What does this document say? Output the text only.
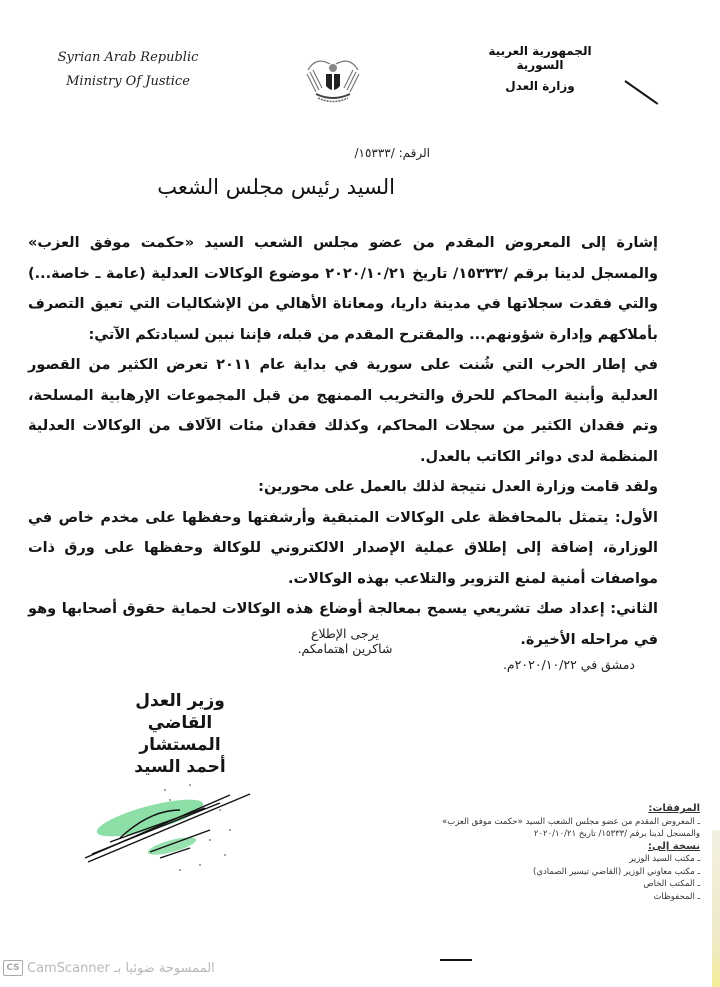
Syrian Arab Republic
Ministry Of Justice
الجمهورية العربية السورية
وزارة العدل
الرقم: /١٥٣٣٣/
السيد رئيس مجلس الشعب

إشارة إلى المعروض المقدم من عضو مجلس الشعب السيد «حكمت موفق العزب» والمسجل لدينا برقم /١٥٣٣٣/ تاريخ ٢٠٢٠/١٠/٢١ موضوع الوكالات العدلية (عامة ـ خاصة...) والتي فقدت سجلاتها في مدينة داريا، ومعاناة الأهالي من الإشكاليات التي تعيق التصرف بأملاكهم وإدارة شؤونهم... والمقترح المقدم من قبله، فإننا نبين لسيادتكم الآتي:

في إطار الحرب التي شُنت على سورية في بداية عام ٢٠١١ تعرض الكثير من القصور العدلية وأبنية المحاكم للحرق والتخريب الممنهج من قبل المجموعات الإرهابية المسلحة، وتم فقدان الكثير من سجلات المحاكم، وكذلك فقدان مئات الآلاف من الوكالات العدلية المنظمة لدى دوائر الكاتب بالعدل.

ولقد قامت وزارة العدل نتيجة لذلك بالعمل على محورين:

الأول: يتمثل بالمحافظة على الوكالات المتبقية وأرشفتها وحفظها على مخدم خاص في الوزارة، إضافة إلى إطلاق عملية الإصدار الالكتروني للوكالة وحفظها على ورق ذات مواصفات أمنية لمنع التزوير والتلاعب بهذه الوكالات.

الثاني: إعداد صك تشريعي يسمح بمعالجة أوضاع هذه الوكالات لحماية حقوق أصحابها وهو في مراحله الأخيرة.

يرجى الإطلاع
شاكرين اهتمامكم.
دمشق في ٢٠٢٠/١٠/٢٢م.
وزير العدل
القاضي المستشار
أحمد السيد
المرفقات:
ـ المعروض المقدم من عضو مجلس الشعب السيد «حكمت موفق العزب»
والمسجل لدينا برقم /١٥٣٣٣/ تاريخ ٢٠٢٠/١٠/٢١
نسخة إلى:
ـ مكتب السيد الوزير
ـ مكتب معاوني الوزير (القاضي تيسير الصمادي)
ـ المكتب الخاص
ـ المحفوظات
CS CamScanner الممسوحة ضوئيا بـ
